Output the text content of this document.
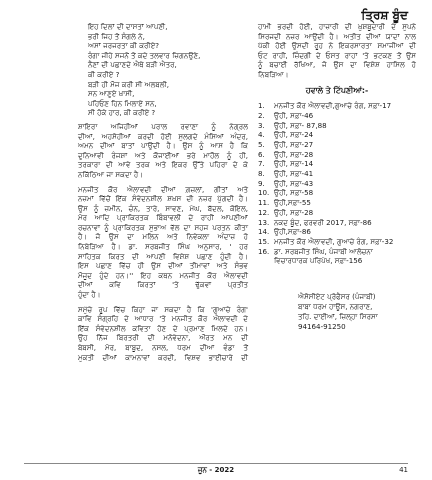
ਤ੍ਰਿਸ਼ ਬੂੰਦ
ਇਹ ਦਿਲਾਂ ਦੀ ਦਾਸਤਾਂ ਆਪਣੀ,
ਭਰੀ ਜਿਹ ਤੋਂ ਸੰਗਲੇ ਨੇ,
ਅਸਾਂ ਜਰਜਰਤਾ ਕੀ ਕਰੀਏ?
ਰੰਗਾ ਜੀਹੇ ਸਜਨੋਂ ਤੋਂ ਕਦੇ ਤਲਵਾਰ ਜ਼ਿਗਨਉਣੇ,
ਨੈਣਾਂ ਦੀ ਪਛਾਣਦੇ ਐਥੇ ਬੜੀ ਐਤਰ,
ਕੀ ਕਰੀਏ ?
ਬੜੀ ਹੀ ਮੌਜ ਕਰੀ ਸੀ ਅਲਬਲੀ,
ਸਨ ਆਣੁਏ ਖ਼ਾਸੀ,
ਪਹਿਓਣ ਹਿਨ ਮਿਲਾਏ ਸਨ,
ਸੀ ਹੋਕੇ ਹਾਰ, ਕੀ ਕਰੀਏ ?
ਸ਼ਾਇਰਾ ਅਜਿਹੀਆਂ ਪਰਾਲ ਰਵਾਣਾ ਨੂੰ ਨੇਗ੍ਰਲ
ਦੀਆਂ, ਅਹਸੋਹੀਆਂ ਕਰਦੀ ਹੋਈ ਸੁਲਗਦੇ ਮੰਸਿਆਂ ਅੰਦਰ,
ਅਮਨ ਦੀਆਂ ਬਾਤਾਂ ਪਾਉਂਦੀ ਹੈ। ਉਸ ਨੂੰ ਆਸ ਹੈ ਕਿ
ਦੁਨਿਆਵੀ ਰੰਜਸ਼ਾਂ ਅਤੇ ਕੌਜਾਈਆਂ ਭਰੇ ਮਾਹੌਲ ਨੂੰ ਹੀ,
ਤਰਕਾਰਾ ਦੀ ਆਵੇ ਤਰਕ ਅਤੇ ਇਕਰ ਉੱਤੇ ਪਹਿਰਾ ਦੇ ਕੇ
ਨਕਿੱਠਿਆ ਜਾ ਸਕਦਾ ਹੈ।
ਮਨਜੀਤ ਕੌਰ ਐਲਾਵਦੀ ਦੀਆਂ ਗ਼ਜ਼ਲਾਂ, ਗੀਤਾਂ ਅਤੇ
ਨਜ਼ਮਾਂ ਵਿੱਚੋਂ ਇੱਕ ਸੰਵੇਦਨਸ਼ੀਲ ਸ਼ਖ਼ਸ ਦੀ ਨਜ਼ਰ ਪੁੱਗਦੀ ਹੈ।
ਉਸ ਨੂੰ ਜ਼ਮੀਨ, ਚੰਨ, ਤਾਰੇ, ਸਾਵਣ, ਮੇਘ, ਬੱਦਲ, ਕੋਇਲ,
ਮੋਰ ਆਦਿ ਪ੍ਰਾਕਿਰਤਕ ਬਿੰਬਾਵਲੀ ਦੇ ਰਾਹੀਂ ਆਪਣੀਆਂ
ਰਚਨਾਵਾਂ ਨੂੰ ਪ੍ਰਾਕਿਰਤਕ ਸੁਭਾਅ ਵੱਲ ਦਾ ਸਹਜ ਪਰਤਨ ਕੀਤਾ
ਹੈ। ਜੋ ਉਸ ਦਾ ਮਲਿਨ ਅਤੇ ਨਿਵੇਕਲਾ ਅੰਦਾਜ਼ ਹੋ
ਨਿਬੇੜਿਆ ਹੈ। ਡਾ. ਸਰਬਜੀਤ ਸਿੰਘ ਅਨੁਸਾਰ, ' ਹਰ
ਸਾਹਿਤਕ ਕਿਰਤ ਦੀ ਆਪਣੀ ਵਿਸ਼ੇਸ਼ ਪਛਾਣ ਹੁੰਦੀ ਹੈ।
ਇਸ ਪਛਾਣ ਵਿੱਚ ਹੀ ਉਸ ਦੀਆਂ ਤੀਮਾਵਾਂ ਅਤੇ ਸੰਭਵ
ਮੌਜੂਦ ਹੁੰਦੇ ਹਨ।'' ਇਹ ਕਥਨ ਮਨਜੀਤ ਕੌਰ ਐਲਾਵਦੀ
ਦੀਆਂ ਕਵਿ ਕਿਰਤਾਂ 'ਤੇ ਢੁੱਕਵਾਂ ਪ੍ਰਤੀਤ
ਹੁੰਦਾ ਹੈ।
ਸਮੁੱਚੇ ਰੂਪ ਵਿੱਚ ਕਿਹਾ ਜਾ ਸਕਦਾ ਹੈ ਕਿ 'ਗੁਆਚੇ ਰੰਗ'
ਕਾਵਿ ਸੰਗ੍ਰਹਿ ਦੇ ਆਧਾਰ 'ਤੇ ਮਨਜੀਤ ਕੌਰ ਐਲਾਵਦੀ ਦੇ
ਇੱਕ ਸੰਵੇਦਨਸ਼ੀਲ ਕਵਿਤਾ ਹੋਣ ਦੇ ਪ੍ਰਮਾਣ ਮਿਲਦੇ ਹਨ।
ਉਹ ਨਿੱਜ ਬਿਰਤਰੀ ਦੀ ਮਨੋਵੇਦਨਾ, ਔਰਤ ਮਨ ਦੀ
ਬੇਬਸੀ, ਮੋਰ, ਬਾਬੂਦ, ਨਸਲ, ਧਰਮ ਦੀਆਂ ਵੰਡਾ ਤੋਂ
ਮੁਕਤੀ ਦੀਆਂ ਕਾਮਨਾਵਾਂ ਕਰਦੀ, ਵਿਸ਼ਵ ਭਾਈਚਾਰੇ ਦੀ
ਹਾਮੀ ਭਰਦੀ ਹੋਈ, ਹਾਜ਼ਾਰੀ ਦੀ ਖ਼ੁਸ਼ਬੂਦਾਰੀ ਦੇ ਸੁਪਨੇ
ਸਿਰਜਦੀ ਨਜ਼ਰ ਆਉਂਦੀ ਹੈ। ਅਤੀਤ ਦੀਆਂ ਯਾਦਾਂ ਨਾਲ
ਪੱਕੀ ਹੋਈ ਉਸਦੀ ਰੂਹ ਨੇ ਇਕਰਸਾਰਤਾ ਸਮਾਜੀਆਂ ਦੀ
ਓਟ ਰਾਹੀਂ, ਜ਼ਿੰਦਗੀ ਦੇ ਓਸਤ ਰਾਹਾਂ 'ਤੇ ਭਟਕਣ ਤੋਂ ਉਸ
ਨੂੰ ਬਚਾਈ ਰੱਖਿਆ, ਜੋ ਉਸ ਦਾ ਵਿਸ਼ੇਸ਼ ਹਾਸਿਲ ਹੋ
ਨਿਬੜਿਆ।
ਹਵਾਲੇ ਤੇ ਟਿੱਪਣੀਆਂ:-
1.	ਮਨਜੀਤ ਕੌਰ ਐਲਾਵਦੀ,ਗੁਆਚੇ ਰੰਗ, ਸਫ਼ਾ-17
2.	ਉਹੀ, ਸਫ਼ਾ-46
3.	ਉਹੀ, ਸਫ਼ਾ- 87,88
4.	ਉਹੀ, ਸਫ਼ਾ-24
5.	ਉਹੀ, ਸਫ਼ਾ-27
6.	ਉਹੀ, ਸਫ਼ਾ-28
7.	ਉਹੀ, ਸਫ਼ਾ-14
8.	ਉਹੀ, ਸਫ਼ਾ-41
9.	ਉਹੀ, ਸਫ਼ਾ-43
10. ਉਹੀ, ਸਫ਼ਾ-58
11. ਉਹੀ,ਸਫ਼ਾ-55
12. ਉਹੀ, ਸਫ਼ਾ-28
13. ਨਕਦ ਬੂੰਦ, ਫਰਵਰੀ 2017, ਸਫ਼ਾ-86
14. ਉਹੀ,ਸਫ਼ਾ-86
15. ਮਨਜੀਤ ਕੌਰ ਐਲਾਵਦੀ, ਗੁਆਚੇ ਰੰਗ, ਸਫ਼ਾ-32
16. ਡਾ. ਸਰਬਜੀਤ ਸਿੰਘ, ਪੰਜਾਬੀ ਆਲੋਚਨਾ
ਵਿਚਾਰਧਾਰਕ ਪਰਿਪੇਖ, ਸਫ਼ਾ-156
ਐਸੋਸੀਏਟ ਪ੍ਰੋਫੈਸਰ (ਪੰਜਾਬੀ)
ਬਾਬਾ ਧਰਮ ਹਾਊਸ, ਨਗਰਾਣ,
ਤਹਿ. ਦਾਈਆਂ, ਜ਼ਿਲ੍ਹਾ ਸਿਰਸਾ
94164-91250
ਜੂਨ - 2022	41
